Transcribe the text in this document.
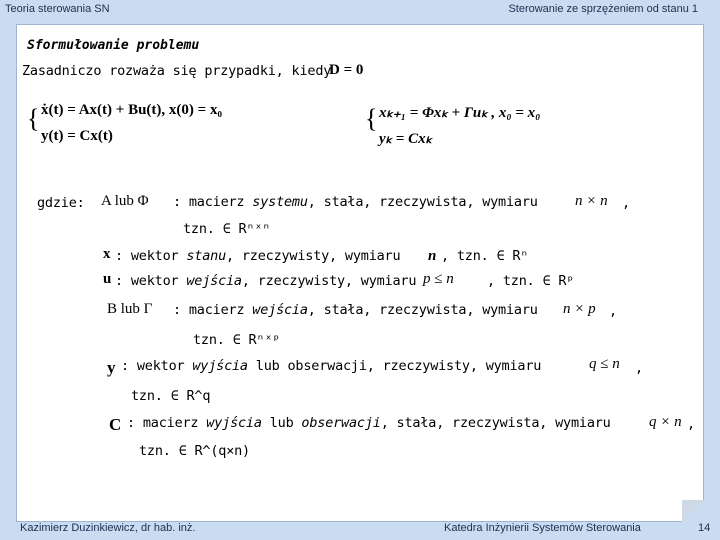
Teoria sterowania SN	Sterowanie ze sprzężeniem od stanu 1
Sformułowanie problemu
Zasadniczo rozważa się przypadki, kiedy
D = 0
{ ẋ(t) = Ax(t) + Bu(t), x(0) = x₀
y(t) = Cx(t)
{ xₖ₊₁ = Φxₖ + Γuₖ , x₀ = x₀
yₖ = Cxₖ
gdzie: A lub Φ : macierz systemu, stała, rzeczywista, wymiaru n × n ,
tzn. ∈ Rⁿˣⁿ
x : wektor stanu, rzeczywisty, wymiaru n , tzn. ∈ Rⁿ
u : wektor wejścia, rzeczywisty, wymiaru p ≤ n , tzn. ∈ Rᵖ
B lub Γ : macierz wejścia, stała, rzeczywista, wymiaru n × p ,
tzn. ∈ Rⁿˣᵖ
y : wektor wyjścia lub obserwacji, rzeczywisty, wymiaru	q ≤ n ,
tzn. ∈ R^q
C : macierz wyjścia lub obserwacji, stała, rzeczywista, wymiaru	q × n ,
tzn. ∈ R^(q×n)
Kazimierz Duzinkiewicz, dr hab. inż.	Katedra Inżynierii Systemów Sterowania	14
